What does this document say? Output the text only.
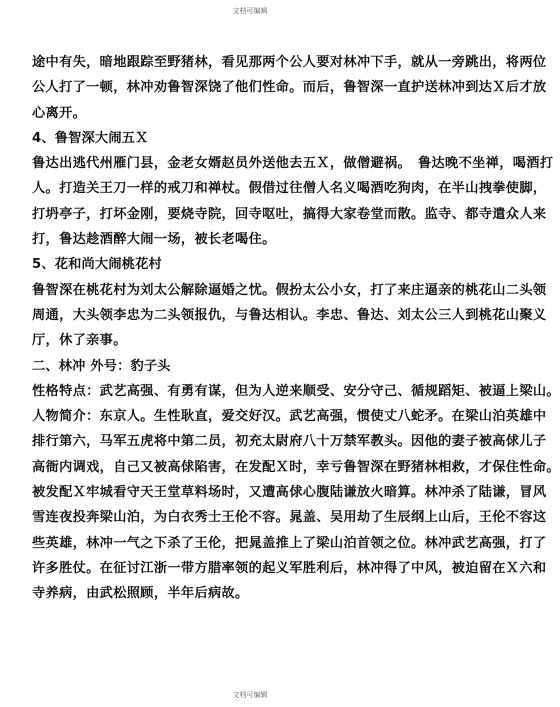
文档可编辑
途中有失，暗地跟踪至野猪林，看见那两个公人要对林冲下手，就从一旁跳出，将两位
公人打了一顿，林冲劝鲁智深饶了他们性命。而后，鲁智深一直护送林冲到达Ｘ后才放
心离开。
4、鲁智深大闹五Ｘ
鲁达出逃代州雁门县，金老女婿赵员外送他去五Ｘ，做僧避祸。　鲁达晚不坐禅，喝酒打
人。打造关王刀一样的戒刀和禅杖。假借过往僧人名义喝酒吃狗肉，在半山拽拳使脚，
打坍亭子，打坏金刚，要烧寺院，回寺呕吐，搞得大家卷堂而散。监寺、都寺遣众人来
打，鲁达趁酒醉大闹一场，被长老喝住。
5、花和尚大闹桃花村
鲁智深在桃花村为刘太公解除逼婚之忧。假扮太公小女，打了来庄逼亲的桃花山二头领
周通，大头领李忠为二头领报仇，与鲁达相认。李忠、鲁达、刘太公三人到桃花山聚义
厅，休了亲事。
二、林冲 外号：豹子头
性格特点：武艺高强、有勇有谋，但为人逆来顺受、安分守己、循规蹈矩、被逼上梁山。
人物简介：东京人。生性耿直，爱交好汉。武艺高强，惯使丈八蛇矛。在梁山泊英雄中
排行第六，马军五虎将中第二员，初充太尉府八十万禁军教头。因他的妻子被高俅儿子
高衙内调戏，自己又被高俅陷害，在发配Ｘ时，幸亏鲁智深在野猪林相救，才保住性命。
被发配Ｘ牢城看守天王堂草料场时，又遭高俅心腹陆谦放火暗算。林冲杀了陆谦，冒风
雪连夜投奔梁山泊，为白衣秀士王伦不容。晁盖、吴用劫了生辰纲上山后，王伦不容这
些英雄，林冲一气之下杀了王伦，把晁盖推上了梁山泊首领之位。林冲武艺高强，打了
许多胜仗。在征讨江浙一带方腊率领的起义军胜利后，林冲得了中风，被迫留在Ｘ六和
寺养病，由武松照顾，半年后病故。
文档可编辑
